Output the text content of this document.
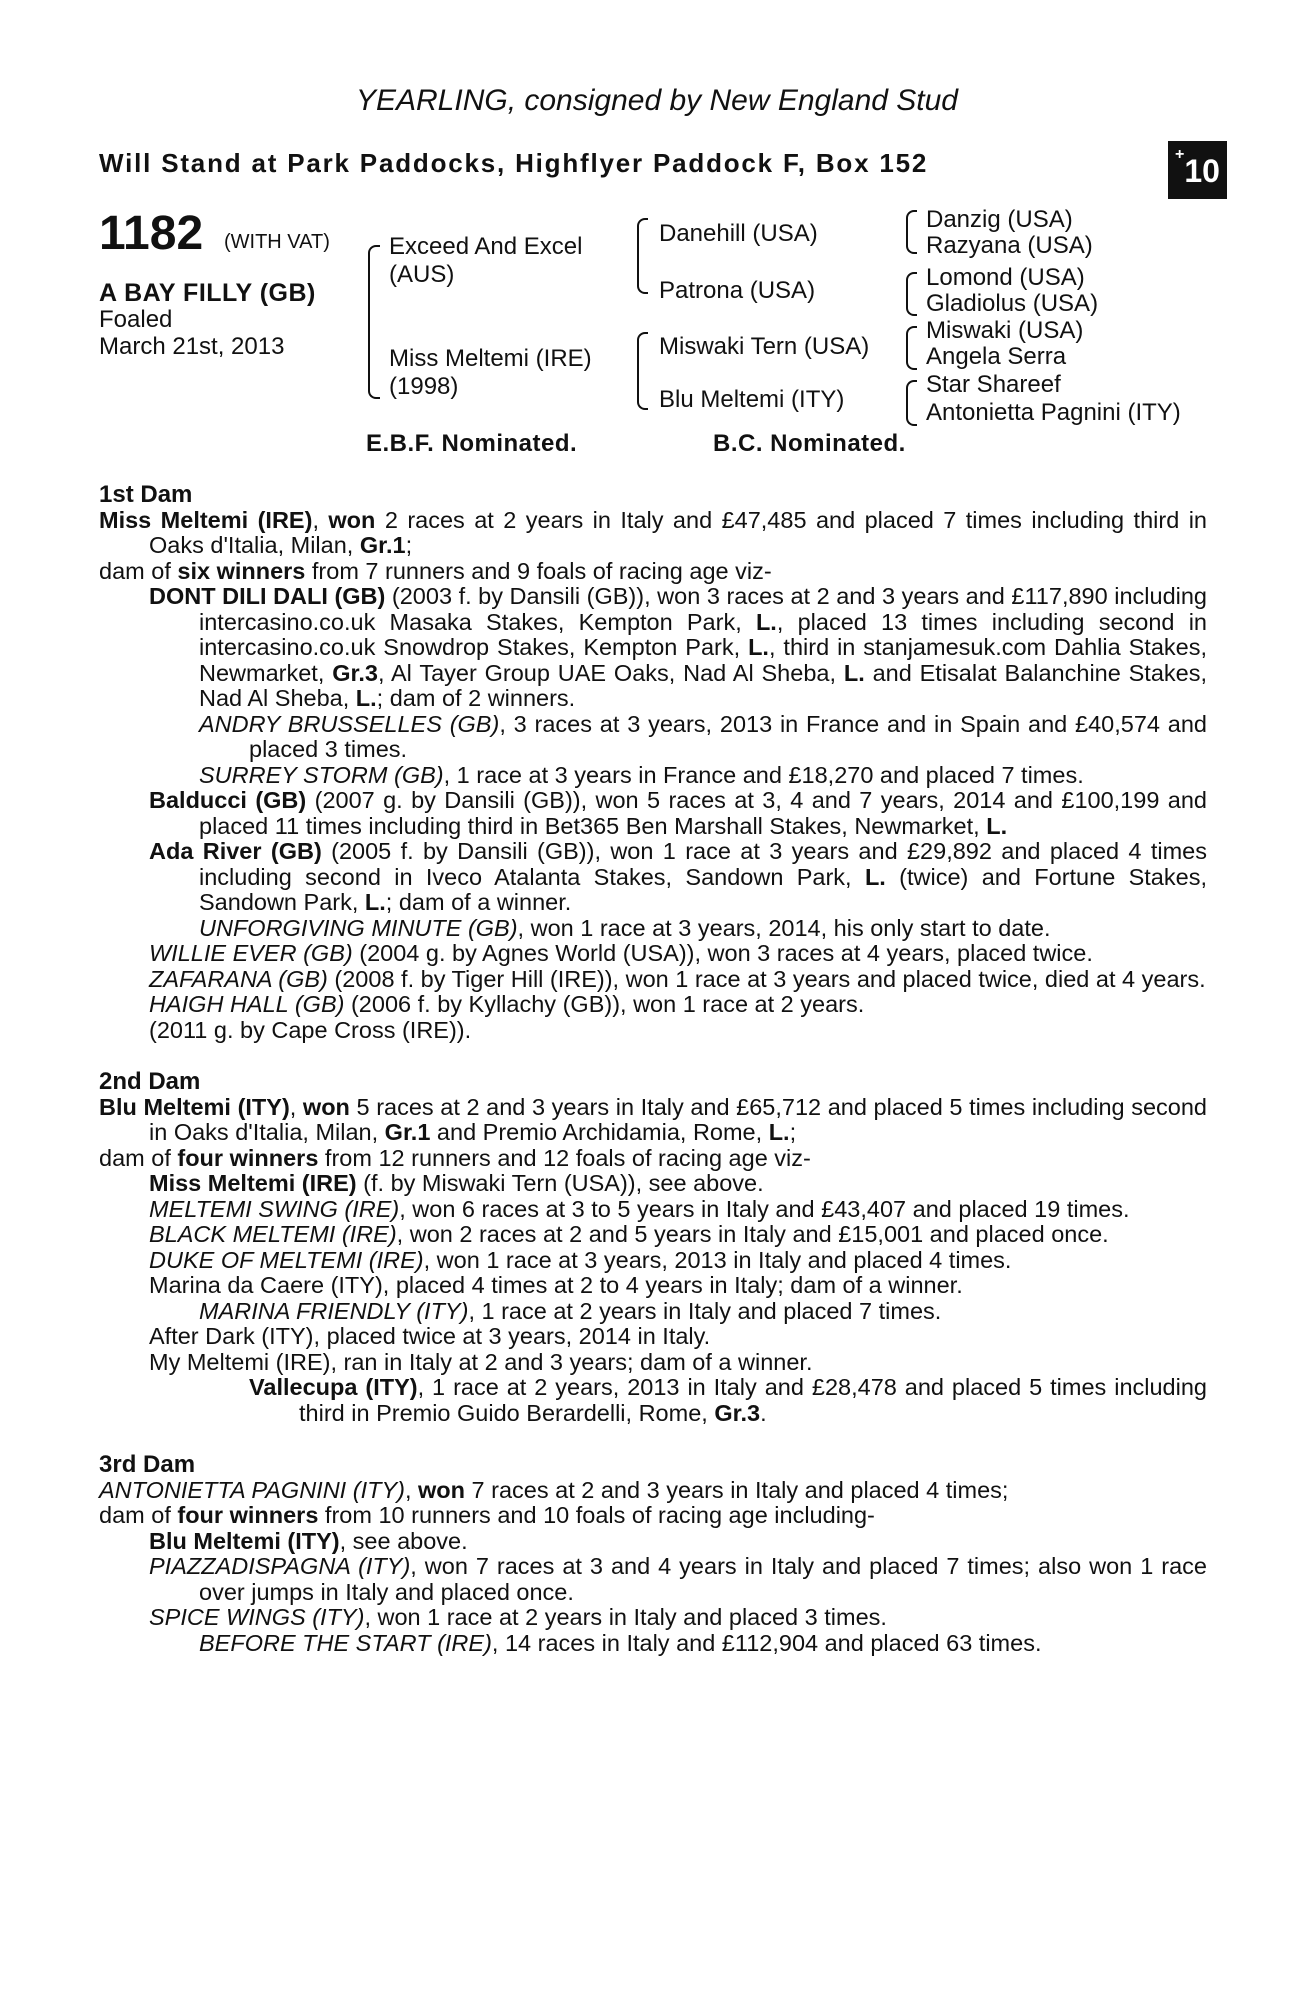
YEARLING, consigned by New England Stud
Will Stand at Park Paddocks, Highflyer Paddock F, Box 152	+10
1182 (WITH VAT)
A BAY FILLY (GB)
Foaled
March 21st, 2013
Exceed And Excel
(AUS)
Miss Meltemi (IRE)
(1998)
Danehill (USA)
Patrona (USA)
Miswaki Tern (USA)
Blu Meltemi (ITY)
Danzig (USA)
Razyana (USA)
Lomond (USA)
Gladiolus (USA)
Miswaki (USA)
Angela Serra
Star Shareef
Antonietta Pagnini (ITY)
E.B.F. Nominated.	B.C. Nominated.

1st Dam

Miss Meltemi (IRE), won 2 races at 2 years in Italy and £47,485 and placed 7 times including third in Oaks d'Italia, Milan, Gr.1;

dam of six winners from 7 runners and 9 foals of racing age viz-

DONT DILI DALI (GB) (2003 f. by Dansili (GB)), won 3 races at 2 and 3 years and £117,890 including intercasino.co.uk Masaka Stakes, Kempton Park, L., placed 13 times including second in intercasino.co.uk Snowdrop Stakes, Kempton Park, L., third in stanjamesuk.com Dahlia Stakes, Newmarket, Gr.3, Al Tayer Group UAE Oaks, Nad Al Sheba, L. and Etisalat Balanchine Stakes, Nad Al Sheba, L.; dam of 2 winners.

ANDRY BRUSSELLES (GB), 3 races at 3 years, 2013 in France and in Spain and £40,574 and placed 3 times.

SURREY STORM (GB), 1 race at 3 years in France and £18,270 and placed 7 times.

Balducci (GB) (2007 g. by Dansili (GB)), won 5 races at 3, 4 and 7 years, 2014 and £100,199 and placed 11 times including third in Bet365 Ben Marshall Stakes, Newmarket, L.

Ada River (GB) (2005 f. by Dansili (GB)), won 1 race at 3 years and £29,892 and placed 4 times including second in Iveco Atalanta Stakes, Sandown Park, L. (twice) and Fortune Stakes, Sandown Park, L.; dam of a winner.

UNFORGIVING MINUTE (GB), won 1 race at 3 years, 2014, his only start to date.

WILLIE EVER (GB) (2004 g. by Agnes World (USA)), won 3 races at 4 years, placed twice.

ZAFARANA (GB) (2008 f. by Tiger Hill (IRE)), won 1 race at 3 years and placed twice, died at 4 years.

HAIGH HALL (GB) (2006 f. by Kyllachy (GB)), won 1 race at 2 years.

(2011 g. by Cape Cross (IRE)).

2nd Dam

Blu Meltemi (ITY), won 5 races at 2 and 3 years in Italy and £65,712 and placed 5 times including second in Oaks d'Italia, Milan, Gr.1 and Premio Archidamia, Rome, L.;

dam of four winners from 12 runners and 12 foals of racing age viz-

Miss Meltemi (IRE) (f. by Miswaki Tern (USA)), see above.

MELTEMI SWING (IRE), won 6 races at 3 to 5 years in Italy and £43,407 and placed 19 times.

BLACK MELTEMI (IRE), won 2 races at 2 and 5 years in Italy and £15,001 and placed once.

DUKE OF MELTEMI (IRE), won 1 race at 3 years, 2013 in Italy and placed 4 times.

Marina da Caere (ITY), placed 4 times at 2 to 4 years in Italy; dam of a winner.

MARINA FRIENDLY (ITY), 1 race at 2 years in Italy and placed 7 times.

After Dark (ITY), placed twice at 3 years, 2014 in Italy.

My Meltemi (IRE), ran in Italy at 2 and 3 years; dam of a winner.

Vallecupa (ITY), 1 race at 2 years, 2013 in Italy and £28,478 and placed 5 times including third in Premio Guido Berardelli, Rome, Gr.3.

3rd Dam

ANTONIETTA PAGNINI (ITY), won 7 races at 2 and 3 years in Italy and placed 4 times;

dam of four winners from 10 runners and 10 foals of racing age including-

Blu Meltemi (ITY), see above.

PIAZZADISPAGNA (ITY), won 7 races at 3 and 4 years in Italy and placed 7 times; also won 1 race over jumps in Italy and placed once.

SPICE WINGS (ITY), won 1 race at 2 years in Italy and placed 3 times.

BEFORE THE START (IRE), 14 races in Italy and £112,904 and placed 63 times.
